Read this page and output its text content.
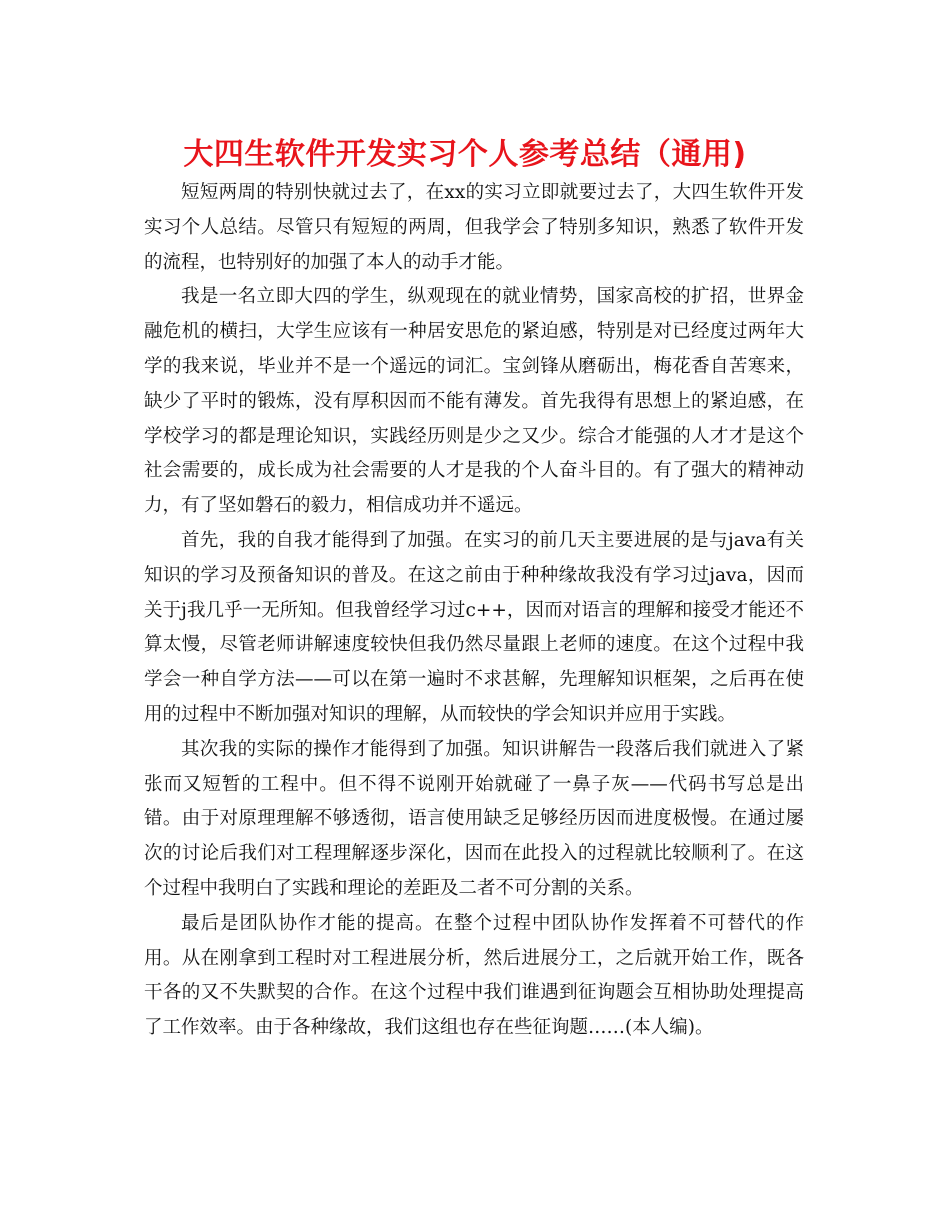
大四生软件开发实习个人参考总结（通用)

短短两周的特别快就过去了，在xx的实习立即就要过去了，大四生软件开发实习个人总结。尽管只有短短的两周，但我学会了特别多知识，熟悉了软件开发的流程，也特别好的加强了本人的动手才能。

我是一名立即大四的学生，纵观现在的就业情势，国家高校的扩招，世界金融危机的横扫，大学生应该有一种居安思危的紧迫感，特别是对已经度过两年大学的我来说，毕业并不是一个遥远的词汇。宝剑锋从磨砺出，梅花香自苦寒来，缺少了平时的锻炼，没有厚积因而不能有薄发。首先我得有思想上的紧迫感，在学校学习的都是理论知识，实践经历则是少之又少。综合才能强的人才才是这个社会需要的，成长成为社会需要的人才是我的个人奋斗目的。有了强大的精神动力，有了坚如磐石的毅力，相信成功并不遥远。

首先，我的自我才能得到了加强。在实习的前几天主要进展的是与java有关知识的学习及预备知识的普及。在这之前由于种种缘故我没有学习过java，因而关于j我几乎一无所知。但我曾经学习过c++，因而对语言的理解和接受才能还不算太慢，尽管老师讲解速度较快但我仍然尽量跟上老师的速度。在这个过程中我学会一种自学方法——可以在第一遍时不求甚解，先理解知识框架，之后再在使用的过程中不断加强对知识的理解，从而较快的学会知识并应用于实践。

其次我的实际的操作才能得到了加强。知识讲解告一段落后我们就进入了紧张而又短暂的工程中。但不得不说刚开始就碰了一鼻子灰——代码书写总是出错。由于对原理理解不够透彻，语言使用缺乏足够经历因而进度极慢。在通过屡次的讨论后我们对工程理解逐步深化，因而在此投入的过程就比较顺利了。在这个过程中我明白了实践和理论的差距及二者不可分割的关系。

最后是团队协作才能的提高。在整个过程中团队协作发挥着不可替代的作用。从在刚拿到工程时对工程进展分析，然后进展分工，之后就开始工作，既各干各的又不失默契的合作。在这个过程中我们谁遇到征询题会互相协助处理提高了工作效率。由于各种缘故，我们这组也存在些征询题……(本人编)。
